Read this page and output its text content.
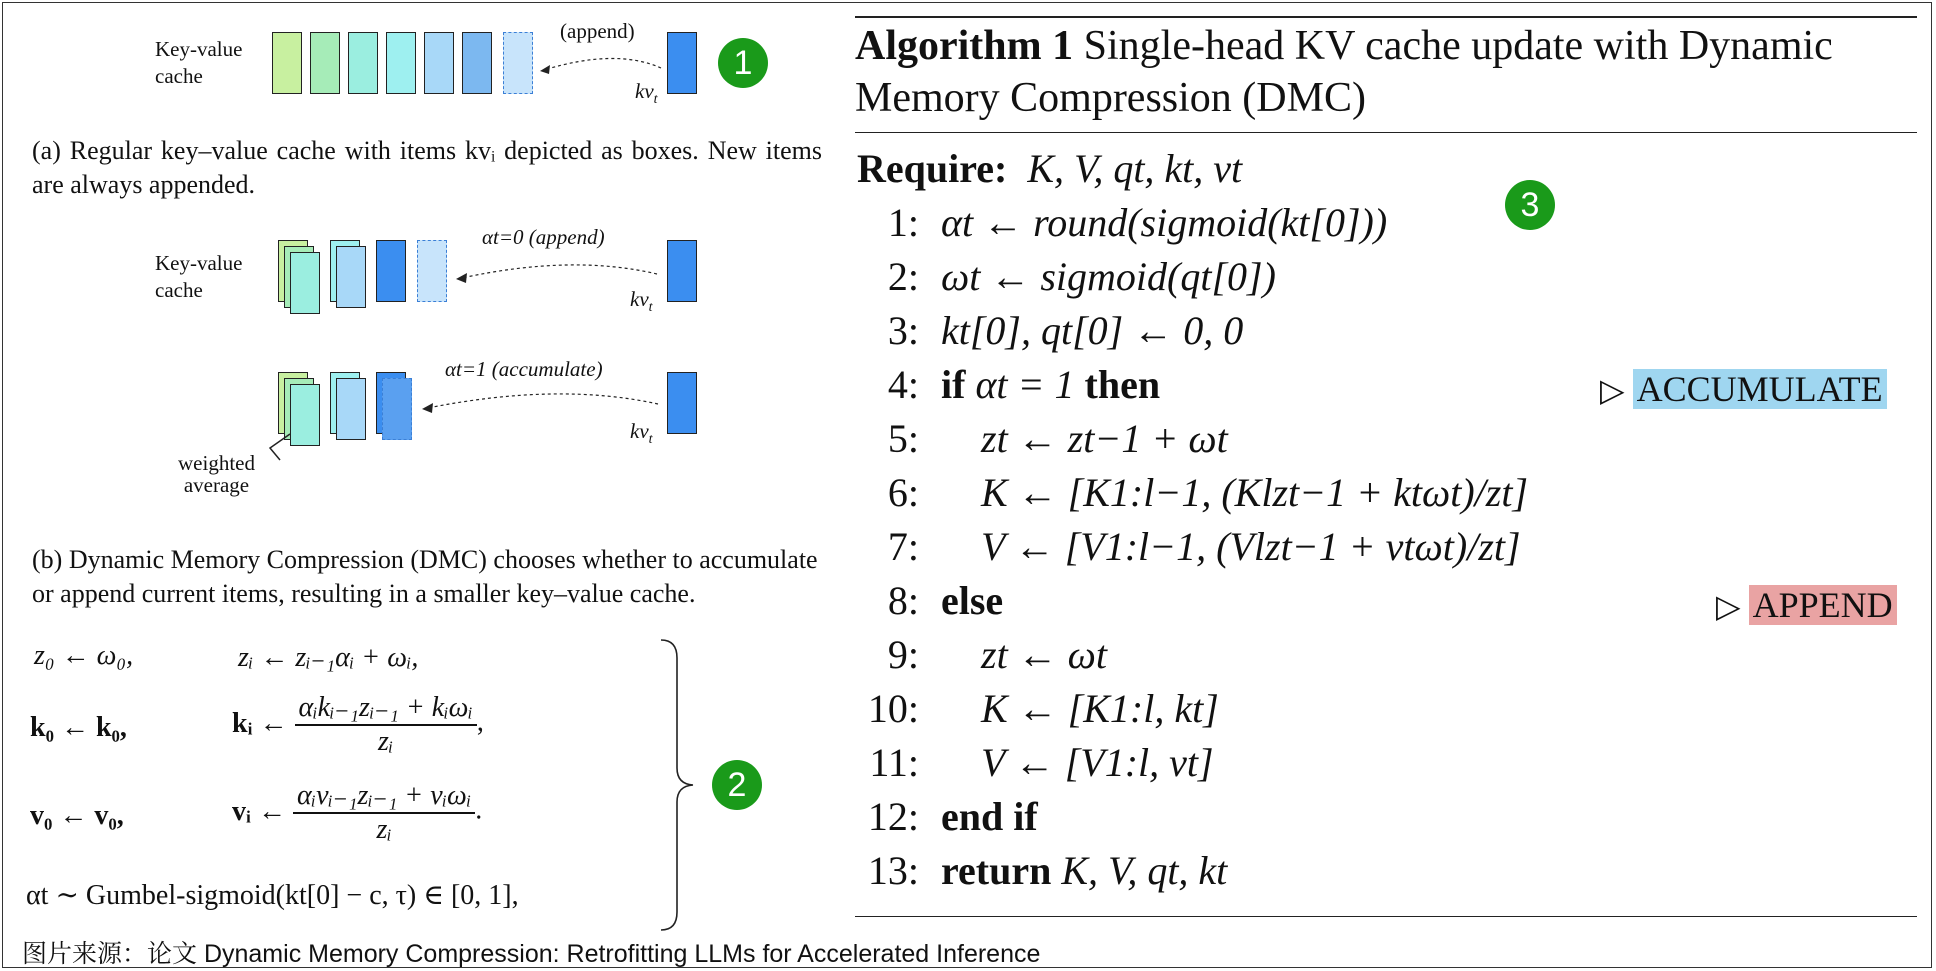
Key-value
cache
(append)
$kv_t$
1
(a) Regular key–value cache with items kvᵢ depicted as boxes. New items are always appended.
Key-value
cache
αt=0 (append)
$kv_t$
αt=1 (accumulate)
$kv_t$
weighted
average
(b) Dynamic Memory Compression (DMC) chooses whether to accumulate or append current items, resulting in a smaller key–value cache.
z₀ ← ω₀,	zᵢ ← zᵢ₋₁αᵢ + ωᵢ,
k₀ ← k₀,	kᵢ ← $\frac{\text{αᵢkᵢ₋₁zᵢ₋₁ + kᵢωᵢ}}{\text{zᵢ}}$ ,
v₀ ← v₀,	vᵢ ← $\frac{\text{αᵢvᵢ₋₁zᵢ₋₁ + vᵢωᵢ}}{\text{zᵢ}}$ .
αt ∼ Gumbel-sigmoid(kt[0] − c, τ) ∈ [0, 1],
2
Algorithm 1 Single-head KV cache update with Dynamic
Memory Compression (DMC)
Require: K, V, qt, kt, vt
3
1: αt ← round(sigmoid(kt[0]))
2: ωt ← sigmoid(qt[0])
3: kt[0], qt[0] ← 0, 0
4: if αt = 1 then	▷ ACCUMULATE
5: zt ← zt−1 + ωt
6: K ← [K1:l−1, (Klzt−1 + ktωt)/zt]
7: V ← [V1:l−1, (Vlzt−1 + vtωt)/zt]
8: else	▷ APPEND
9: zt ← ωt
10: K ← [K1:l, kt]
11: V ← [V1:l, vt]
12: end if
13: return K, V, qt, kt
图片来源：论文 Dynamic Memory Compression: Retrofitting LLMs for Accelerated Inference
